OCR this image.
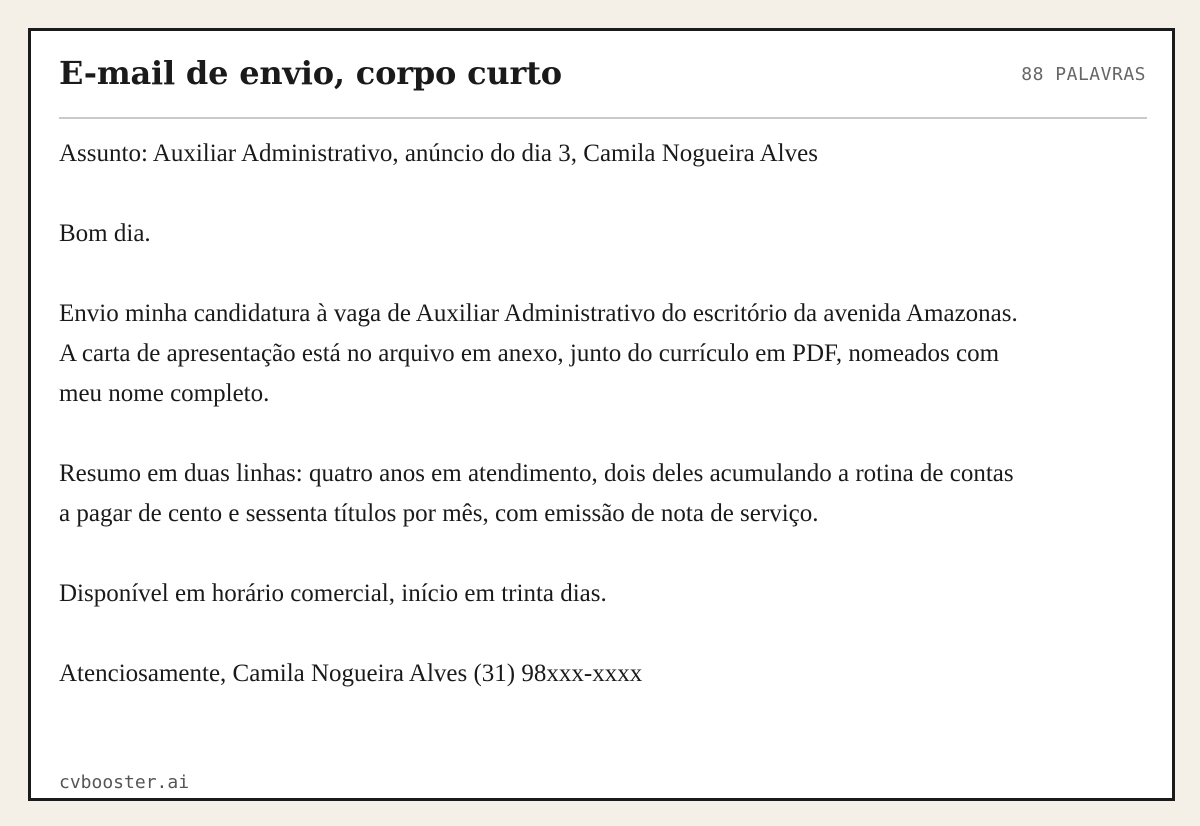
E-mail de envio, corpo curto	88 PALAVRAS

Assunto: Auxiliar Administrativo, anúncio do dia 3, Camila Nogueira Alves

Bom dia.

Envio minha candidatura à vaga de Auxiliar Administrativo do escritório da avenida Amazonas. A carta de apresentação está no arquivo em anexo, junto do currículo em PDF, nomeados com meu nome completo.

Resumo em duas linhas: quatro anos em atendimento, dois deles acumulando a rotina de contas a pagar de cento e sessenta títulos por mês, com emissão de nota de serviço.

Disponível em horário comercial, início em trinta dias.

Atenciosamente, Camila Nogueira Alves (31) 98xxx-xxxx

cvbooster.ai
